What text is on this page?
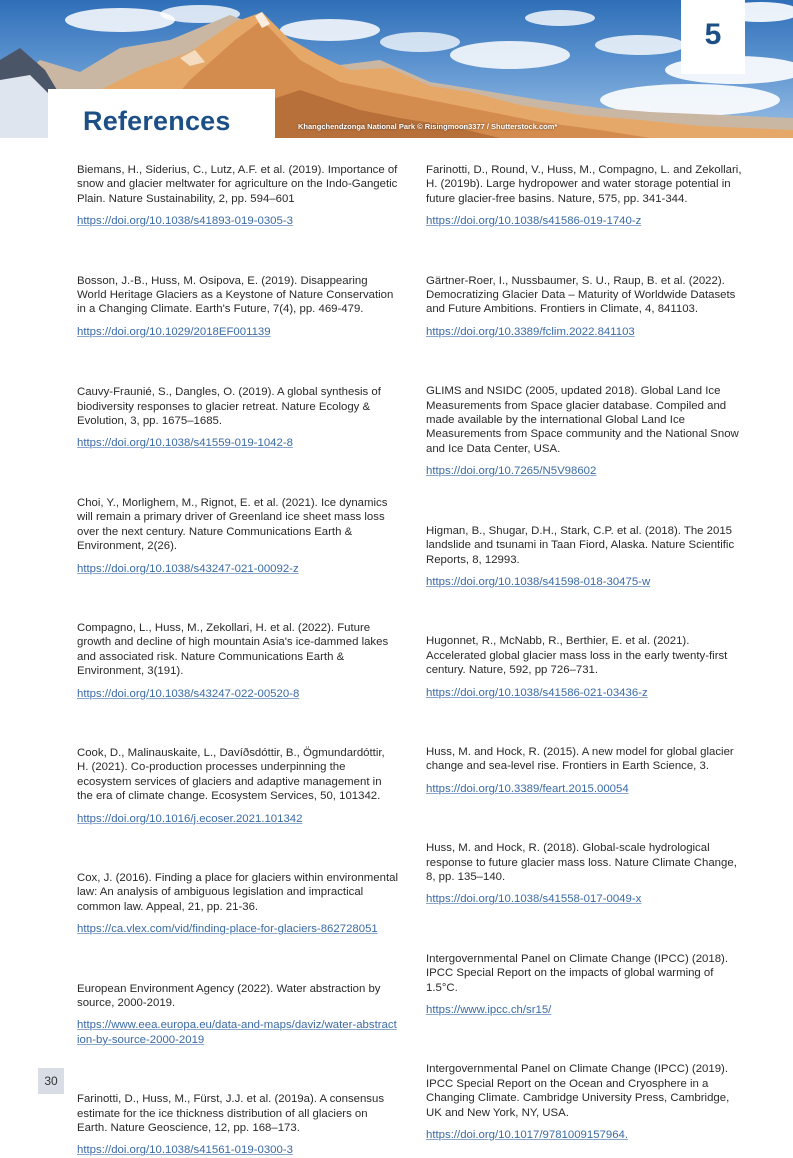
References	Khangchendzonga National Park © Risingmoon3377 / Shutterstock.com*
5

Biemans, H., Siderius, C., Lutz, A.F. et al. (2019). Importance of snow and glacier meltwater for agriculture on the Indo-Gangetic Plain. Nature Sustainability, 2, pp. 594–601

https://doi.org/10.1038/s41893-019-0305-3

Bosson, J.-B., Huss, M. Osipova, E. (2019). Disappearing World Heritage Glaciers as a Keystone of Nature Conservation in a Changing Climate. Earth's Future, 7(4), pp. 469-479.

https://doi.org/10.1029/2018EF001139

Cauvy-Fraunié, S., Dangles, O. (2019). A global synthesis of biodiversity responses to glacier retreat. Nature Ecology & Evolution, 3, pp. 1675–1685.

https://doi.org/10.1038/s41559-019-1042-8

Choi, Y., Morlighem, M., Rignot, E. et al. (2021). Ice dynamics will remain a primary driver of Greenland ice sheet mass loss over the next century. Nature Communications Earth & Environment, 2(26).

https://doi.org/10.1038/s43247-021-00092-z

Compagno, L., Huss, M., Zekollari, H. et al. (2022). Future growth and decline of high mountain Asia's ice-dammed lakes and associated risk. Nature Communications Earth & Environment, 3(191).

https://doi.org/10.1038/s43247-022-00520-8

Cook, D., Malinauskaite, L., Davíðsdóttir, B., Ögmundardóttir, H. (2021). Co-production processes underpinning the ecosystem services of glaciers and adaptive management in the era of climate change. Ecosystem Services, 50, 101342.

https://doi.org/10.1016/j.ecoser.2021.101342

Cox, J. (2016). Finding a place for glaciers within environmental law: An analysis of ambiguous legislation and impractical common law. Appeal, 21, pp. 21-36.

https://ca.vlex.com/vid/finding-place-for-glaciers-862728051

European Environment Agency (2022). Water abstraction by source, 2000-2019.

https://www.eea.europa.eu/data-and-maps/daviz/water-abstraction-by-source-2000-2019

Farinotti, D., Huss, M., Fürst, J.J. et al. (2019a). A consensus estimate for the ice thickness distribution of all glaciers on Earth. Nature Geoscience, 12, pp. 168–173.

https://doi.org/10.1038/s41561-019-0300-3

Farinotti, D., Round, V., Huss, M., Compagno, L. and Zekollari, H. (2019b). Large hydropower and water storage potential in future glacier-free basins. Nature, 575, pp. 341-344.

https://doi.org/10.1038/s41586-019-1740-z

Gärtner-Roer, I., Nussbaumer, S. U., Raup, B. et al. (2022). Democratizing Glacier Data – Maturity of Worldwide Datasets and Future Ambitions. Frontiers in Climate, 4, 841103.

https://doi.org/10.3389/fclim.2022.841103

GLIMS and NSIDC (2005, updated 2018). Global Land Ice Measurements from Space glacier database. Compiled and made available by the international Global Land Ice Measurements from Space community and the National Snow and Ice Data Center, USA.

https://doi.org/10.7265/N5V98602

Higman, B., Shugar, D.H., Stark, C.P. et al. (2018). The 2015 landslide and tsunami in Taan Fiord, Alaska. Nature Scientific Reports, 8, 12993.

https://doi.org/10.1038/s41598-018-30475-w

Hugonnet, R., McNabb, R., Berthier, E. et al. (2021). Accelerated global glacier mass loss in the early twenty-first century. Nature, 592, pp 726–731.

https://doi.org/10.1038/s41586-021-03436-z

Huss, M. and Hock, R. (2015). A new model for global glacier change and sea-level rise. Frontiers in Earth Science, 3.

https://doi.org/10.3389/feart.2015.00054

Huss, M. and Hock, R. (2018). Global-scale hydrological response to future glacier mass loss. Nature Climate Change, 8, pp. 135–140.

https://doi.org/10.1038/s41558-017-0049-x

Intergovernmental Panel on Climate Change (IPCC) (2018). IPCC Special Report on the impacts of global warming of 1.5°C.

https://www.ipcc.ch/sr15/

Intergovernmental Panel on Climate Change (IPCC) (2019). IPCC Special Report on the Ocean and Cryosphere in a Changing Climate. Cambridge University Press, Cambridge, UK and New York, NY, USA.

https://doi.org/10.1017/9781009157964.
30
